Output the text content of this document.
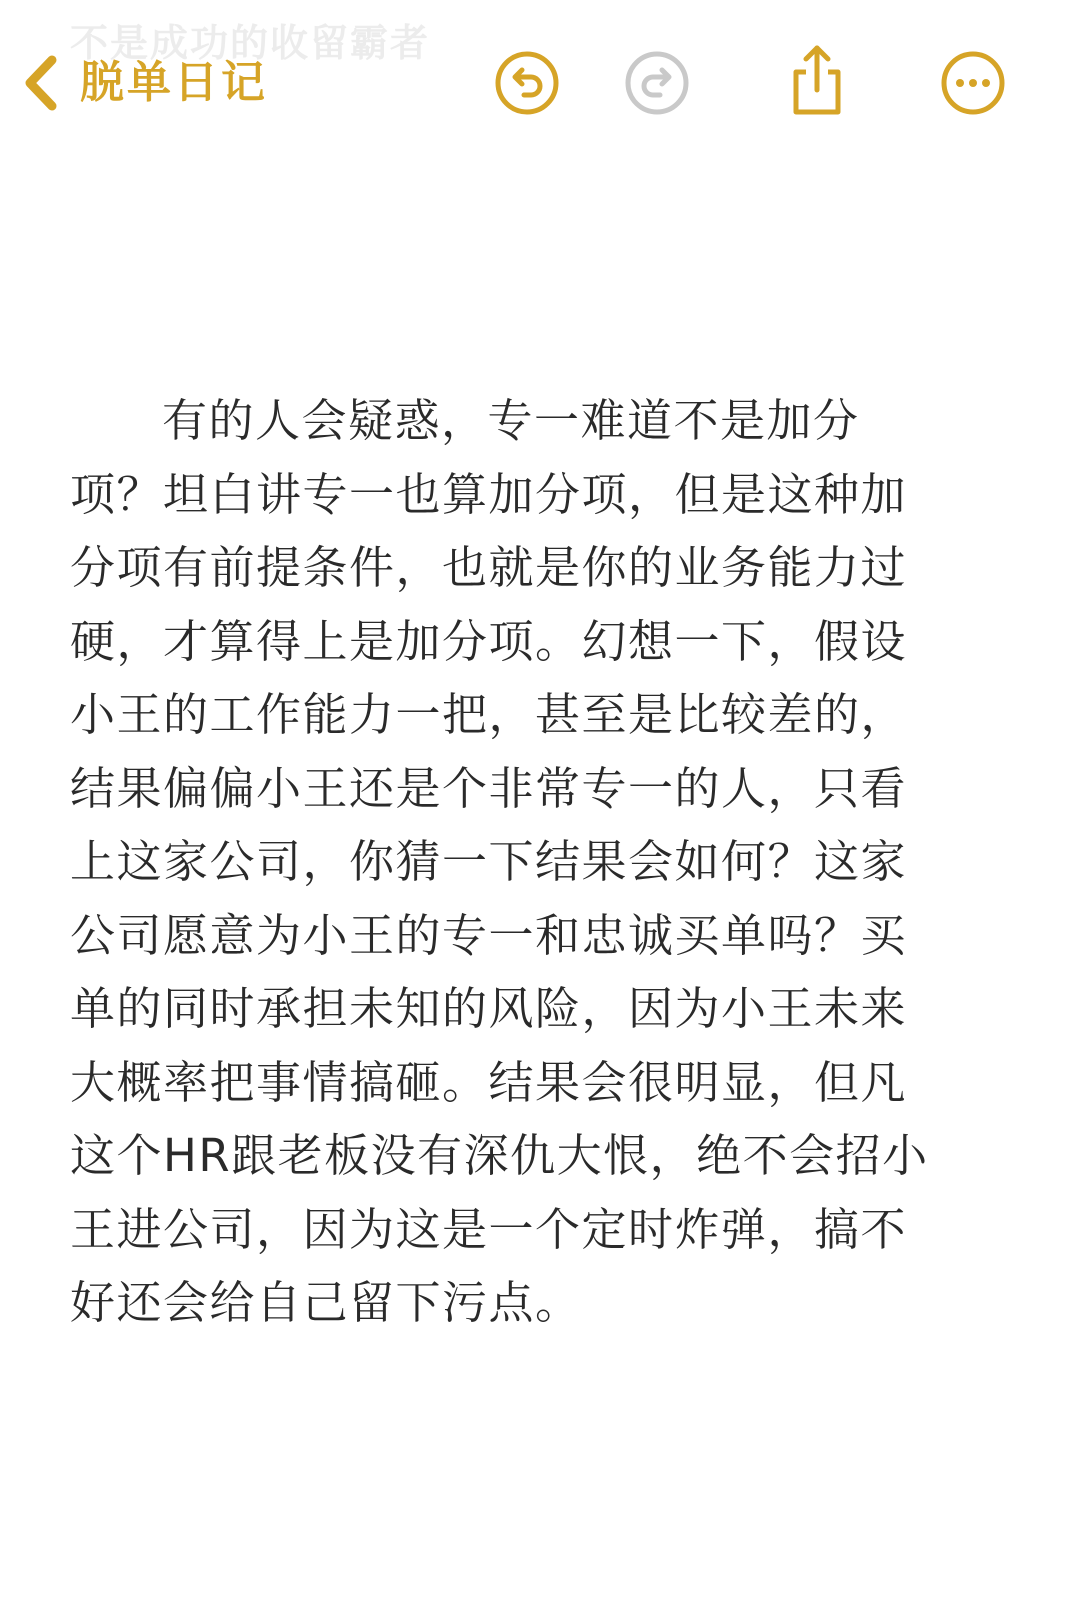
不是成功的收留霸者
脱单日记
有的人会疑惑，专一难道不是加分
项？坦白讲专一也算加分项，但是这种加
分项有前提条件，也就是你的业务能力过
硬，才算得上是加分项。幻想一下，假设
小王的工作能力一把，甚至是比较差的，
结果偏偏小王还是个非常专一的人，只看
上这家公司，你猜一下结果会如何？这家
公司愿意为小王的专一和忠诚买单吗？买
单的同时承担未知的风险，因为小王未来
大概率把事情搞砸。结果会很明显，但凡
这个HR跟老板没有深仇大恨，绝不会招小
王进公司，因为这是一个定时炸弹，搞不
好还会给自己留下污点。
